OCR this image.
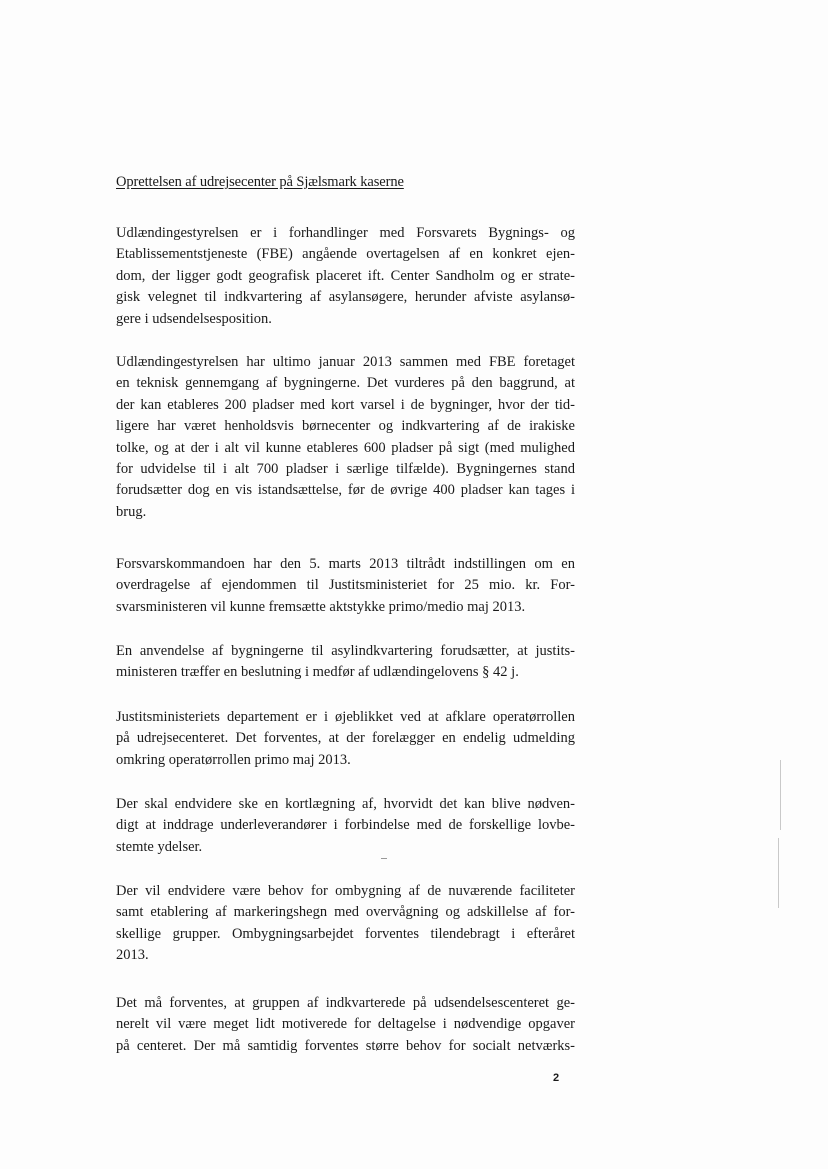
Oprettelsen af udrejsecenter på Sjælsmark kaserne
Udlændingestyrelsen er i forhandlinger med Forsvarets Bygnings- og
Etablissementstjeneste (FBE) angående overtagelsen af en konkret ejen-
dom, der ligger godt geografisk placeret ift. Center Sandholm og er strate-
gisk velegnet til indkvartering af asylansøgere, herunder afviste asylansø-
gere i udsendelsesposition.
Udlændingestyrelsen har ultimo januar 2013 sammen med FBE foretaget
en teknisk gennemgang af bygningerne. Det vurderes på den baggrund, at
der kan etableres 200 pladser med kort varsel i de bygninger, hvor der tid-
ligere har været henholdsvis børnecenter og indkvartering af de irakiske
tolke, og at der i alt vil kunne etableres 600 pladser på sigt (med mulighed
for udvidelse til i alt 700 pladser i særlige tilfælde). Bygningernes stand
forudsætter dog en vis istandsættelse, før de øvrige 400 pladser kan tages i
brug.
Forsvarskommandoen har den 5. marts 2013 tiltrådt indstillingen om en
overdragelse af ejendommen til Justitsministeriet for 25 mio. kr. For-
svarsministeren vil kunne fremsætte aktstykke primo/medio maj 2013.
En anvendelse af bygningerne til asylindkvartering forudsætter, at justits-
ministeren træffer en beslutning i medfør af udlændingelovens § 42 j.
Justitsministeriets departement er i øjeblikket ved at afklare operatørrollen
på udrejsecenteret. Det forventes, at der forelægger en endelig udmelding
omkring operatørrollen primo maj 2013.
Der skal endvidere ske en kortlægning af, hvorvidt det kan blive nødven-
digt at inddrage underleverandører i forbindelse med de forskellige lovbe-
stemte ydelser.
Der vil endvidere være behov for ombygning af de nuværende faciliteter
samt etablering af markeringshegn med overvågning og adskillelse af for-
skellige grupper. Ombygningsarbejdet forventes tilendebragt i efteråret
2013.
Det må forventes, at gruppen af indkvarterede på udsendelsescenteret ge-
nerelt vil være meget lidt motiverede for deltagelse i nødvendige opgaver
på centeret. Der må samtidig forventes større behov for socialt netværks-
2
